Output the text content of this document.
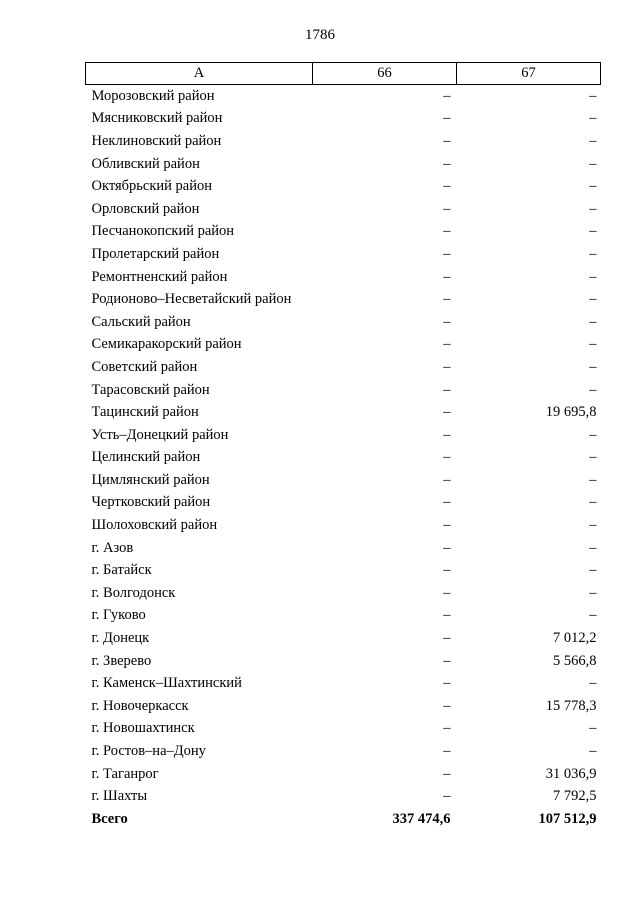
1786
А	66	67
Морозовский район	–	–
Мясниковский район	–	–
Неклиновский район	–	–
Обливский район	–	–
Октябрьский район	–	–
Орловский район	–	–
Песчанокопский район	–	–
Пролетарский район	–	–
Ремонтненский район	–	–
Родионово–Несветайский район	–	–
Сальский район	–	–
Семикаракорский район	–	–
Советский район	–	–
Тарасовский район	–	–
Тацинский район	–	19 695,8
Усть–Донецкий район	–	–
Целинский район	–	–
Цимлянский район	–	–
Чертковский район	–	–
Шолоховский район	–	–
г. Азов	–	–
г. Батайск	–	–
г. Волгодонск	–	–
г. Гуково	–	–
г. Донецк	–	7 012,2
г. Зверево	–	5 566,8
г. Каменск–Шахтинский	–	–
г. Новочеркасск	–	15 778,3
г. Новошахтинск	–	–
г. Ростов–на–Дону	–	–
г. Таганрог	–	31 036,9
г. Шахты	–	7 792,5
Всего	337 474,6	107 512,9
